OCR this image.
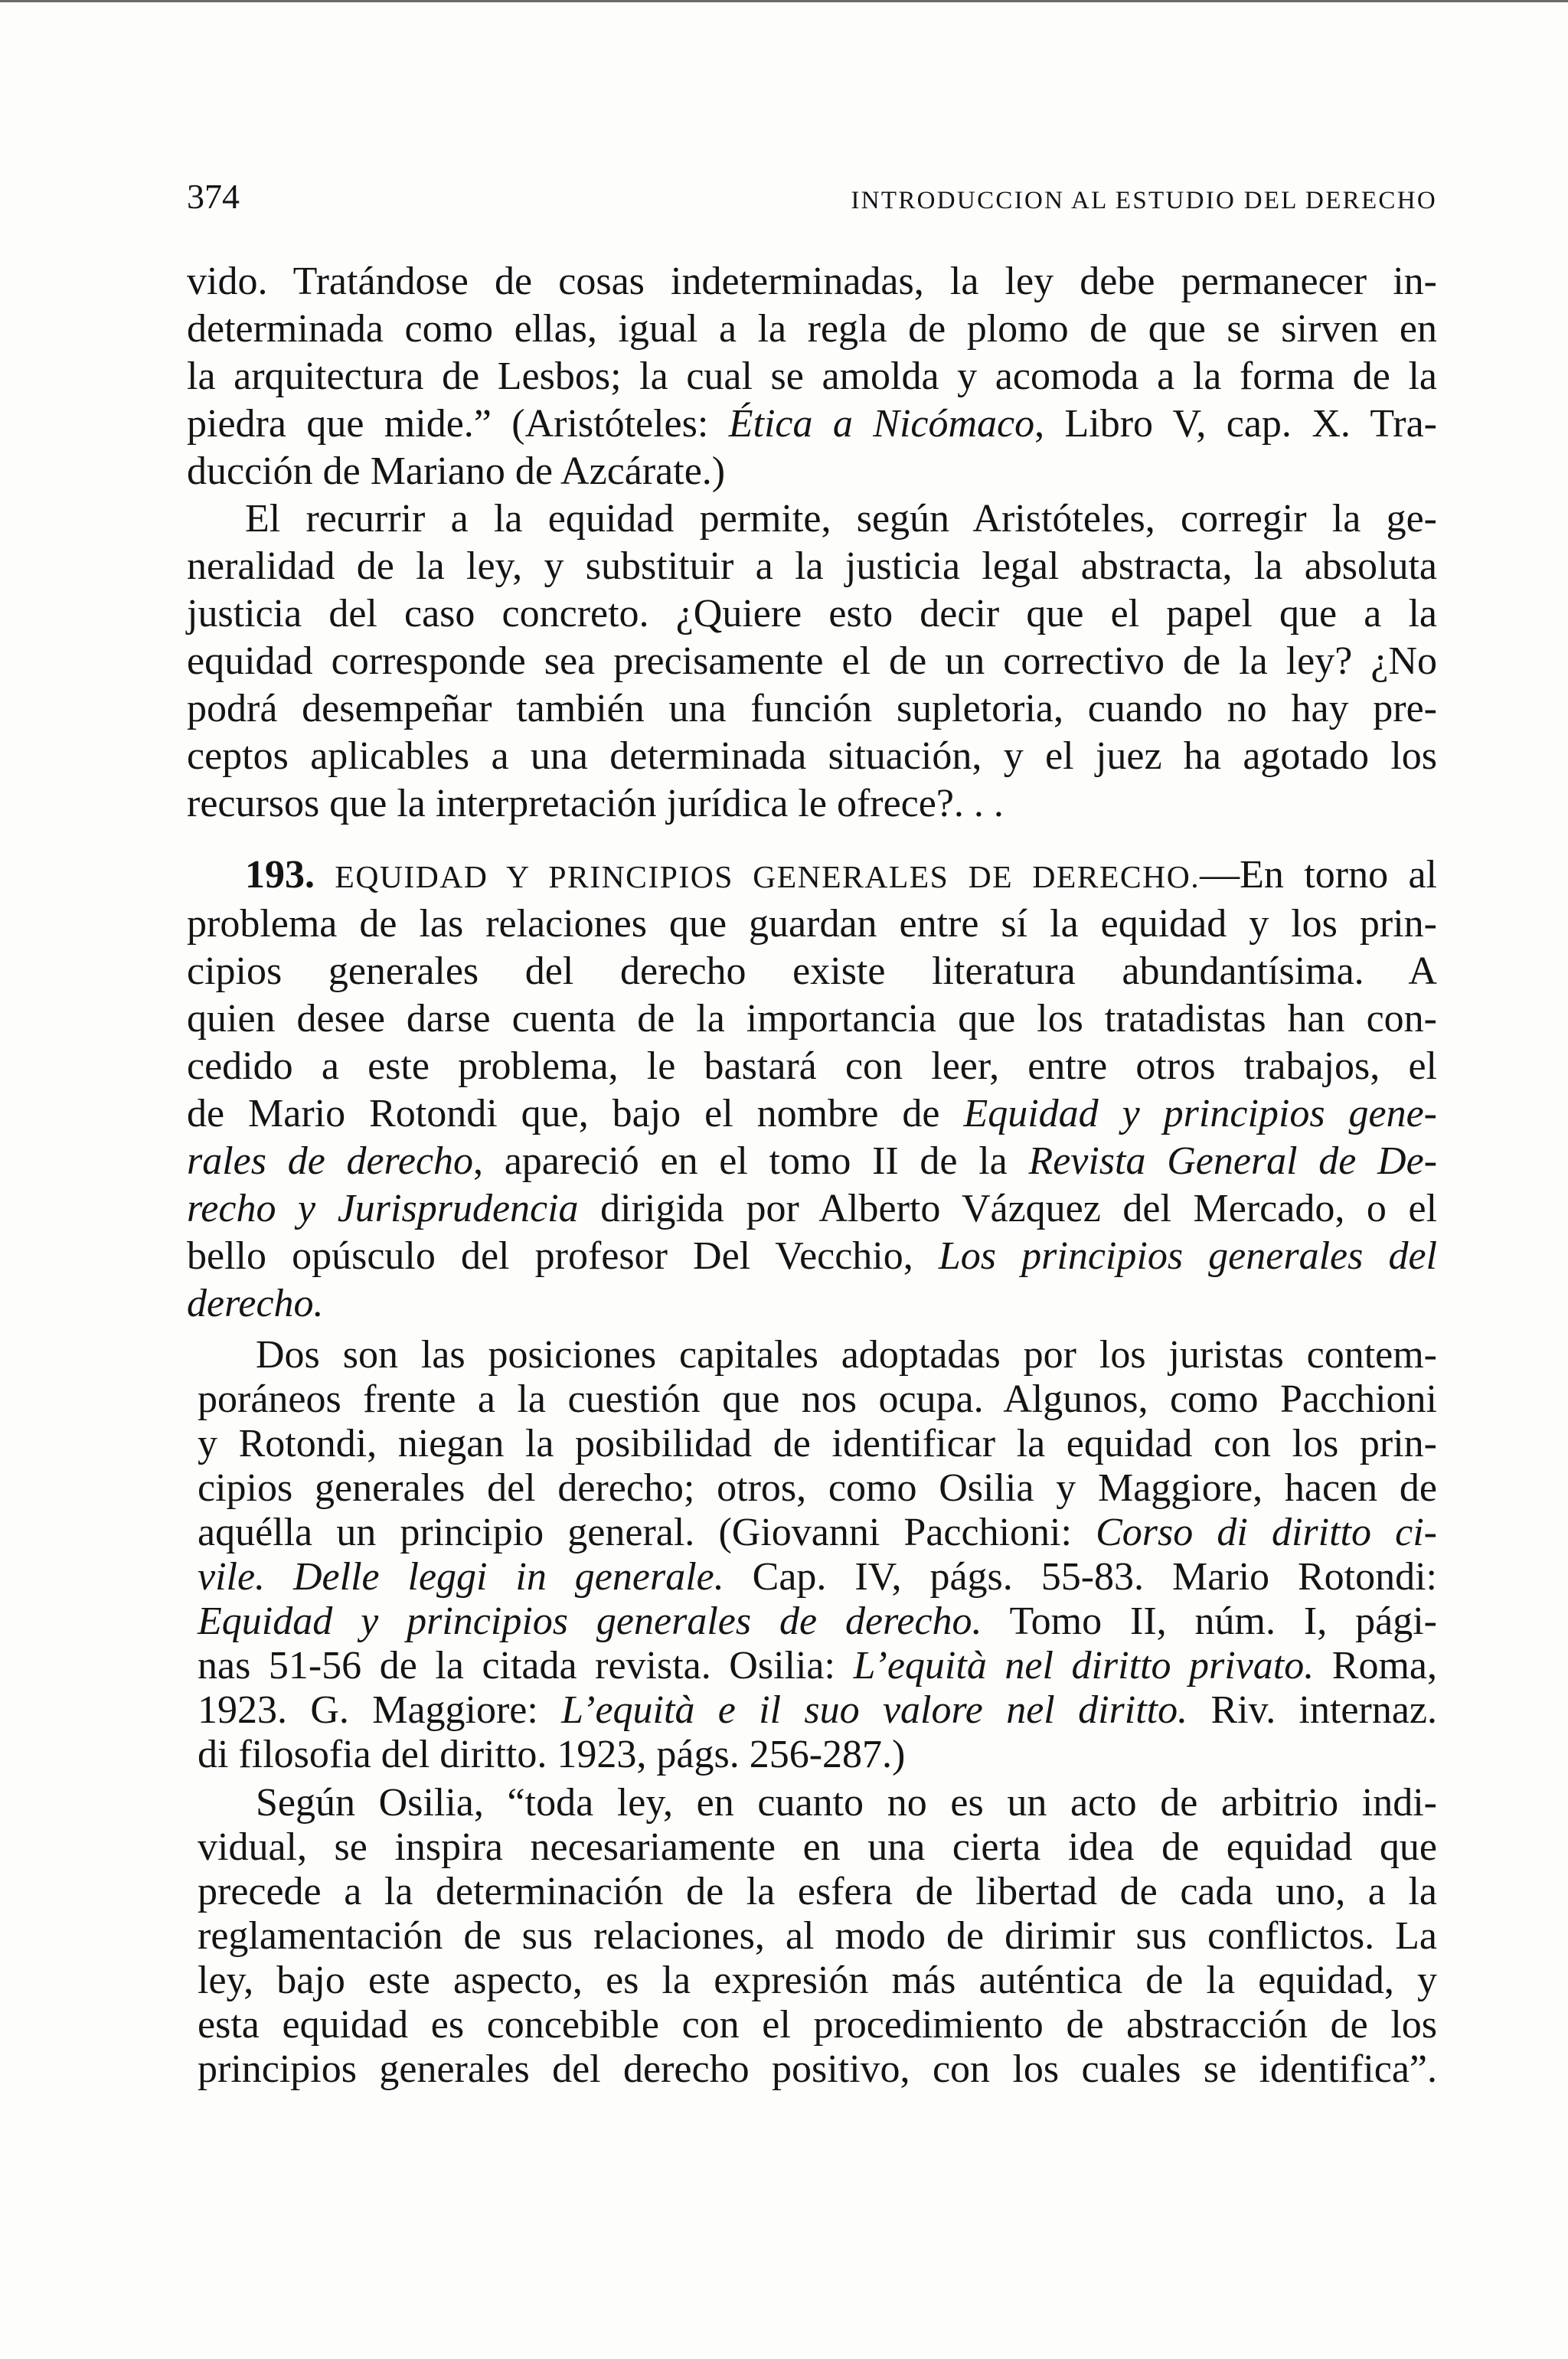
374	INTRODUCCION AL ESTUDIO DEL DERECHO
vido. Tratándose de cosas indeterminadas, la ley debe permanecer in-
determinada como ellas, igual a la regla de plomo de que se sirven en
la arquitectura de Lesbos; la cual se amolda y acomoda a la forma de la
piedra que mide.” (Aristóteles: Ética a Nicómaco, Libro V, cap. X. Tra-
ducción de Mariano de Azcárate.)
El recurrir a la equidad permite, según Aristóteles, corregir la ge-
neralidad de la ley, y substituir a la justicia legal abstracta, la absoluta
justicia del caso concreto. ¿Quiere esto decir que el papel que a la
equidad corresponde sea precisamente el de un correctivo de la ley? ¿No
podrá desempeñar también una función supletoria, cuando no hay pre-
ceptos aplicables a una determinada situación, y el juez ha agotado los
recursos que la interpretación jurídica le ofrece?. . .
193. EQUIDAD Y PRINCIPIOS GENERALES DE DERECHO.—En torno al
problema de las relaciones que guardan entre sí la equidad y los prin-
cipios generales del derecho existe literatura abundantísima. A
quien desee darse cuenta de la importancia que los tratadistas han con-
cedido a este problema, le bastará con leer, entre otros trabajos, el
de Mario Rotondi que, bajo el nombre de Equidad y principios gene-
rales de derecho, apareció en el tomo II de la Revista General de De-
recho y Jurisprudencia dirigida por Alberto Vázquez del Mercado, o el
bello opúsculo del profesor Del Vecchio, Los principios generales del
derecho.
Dos son las posiciones capitales adoptadas por los juristas contem-
poráneos frente a la cuestión que nos ocupa. Algunos, como Pacchioni
y Rotondi, niegan la posibilidad de identificar la equidad con los prin-
cipios generales del derecho; otros, como Osilia y Maggiore, hacen de
aquélla un principio general. (Giovanni Pacchioni: Corso di diritto ci-
vile. Delle leggi in generale. Cap. IV, págs. 55-83. Mario Rotondi:
Equidad y principios generales de derecho. Tomo II, núm. I, pági-
nas 51-56 de la citada revista. Osilia: L’equità nel diritto privato. Roma,
1923. G. Maggiore: L’equità e il suo valore nel diritto. Riv. internaz.
di filosofia del diritto. 1923, págs. 256-287.)
Según Osilia, “toda ley, en cuanto no es un acto de arbitrio indi-
vidual, se inspira necesariamente en una cierta idea de equidad que
precede a la determinación de la esfera de libertad de cada uno, a la
reglamentación de sus relaciones, al modo de dirimir sus conflictos. La
ley, bajo este aspecto, es la expresión más auténtica de la equidad, y
esta equidad es concebible con el procedimiento de abstracción de los
principios generales del derecho positivo, con los cuales se identifica”.
